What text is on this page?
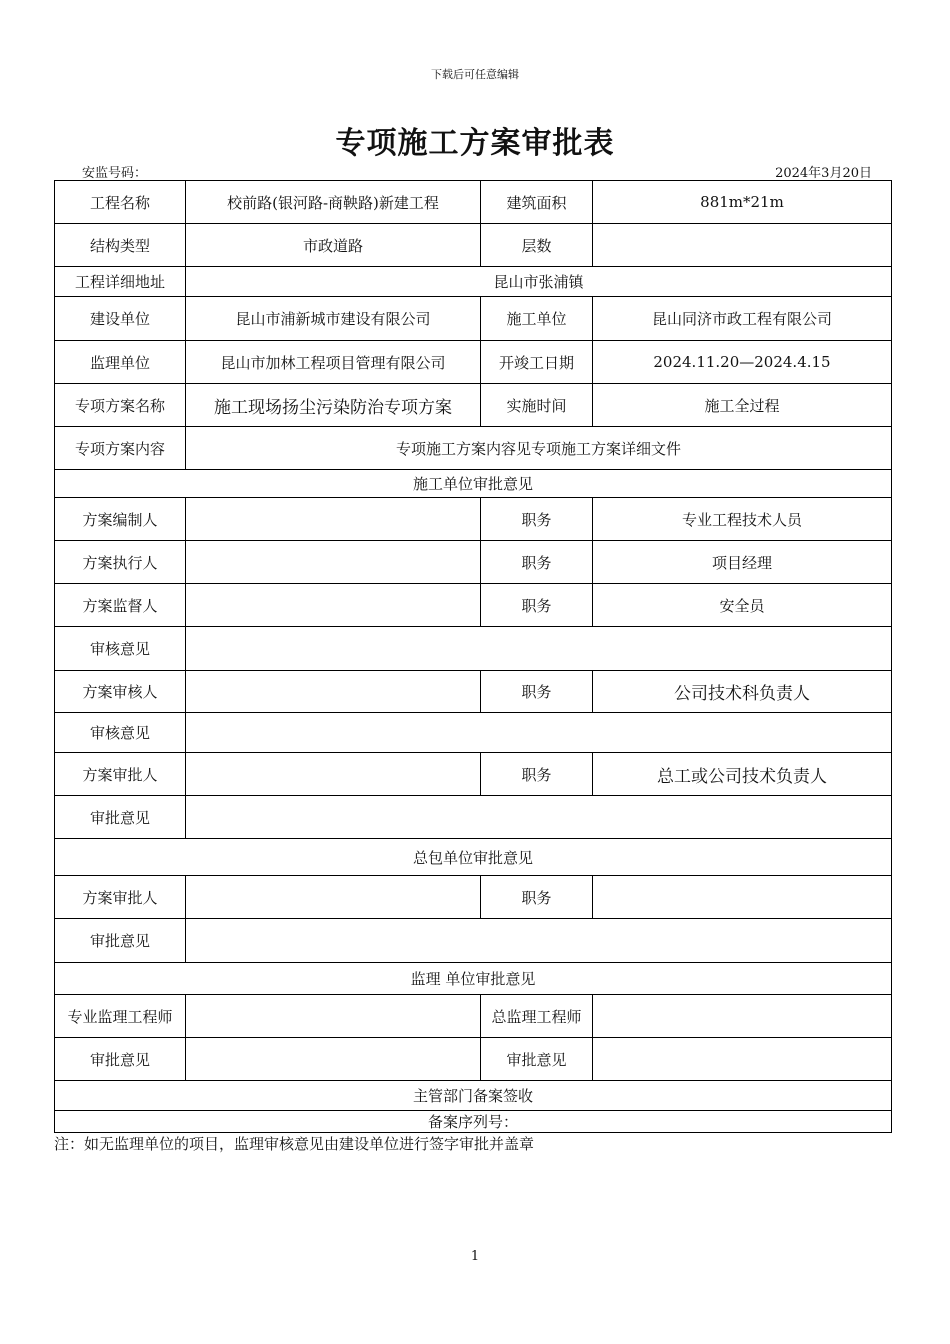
下载后可任意编辑
专项施工方案审批表
安监号码：	2024年3月20日
工程名称	校前路(银河路-商鞅路)新建工程	建筑面积	881m*21m
结构类型	市政道路	层数	
工程详细地址	昆山市张浦镇		
建设单位	昆山市浦新城市建设有限公司	施工单位	昆山同济市政工程有限公司
监理单位	昆山市加林工程项目管理有限公司	开竣工日期	2024.11.20—2024.4.15
专项方案名称	施工现场扬尘污染防治专项方案	实施时间	施工全过程
专项方案内容	专项施工方案内容见专项施工方案详细文件		
施工单位审批意见			
方案编制人		职务	专业工程技术人员
方案执行人		职务	项目经理
方案监督人		职务	安全员
审核意见			
方案审核人		职务	公司技术科负责人
审核意见			
方案审批人		职务	总工或公司技术负责人
审批意见			
总包单位审批意见			
方案审批人		职务	
审批意见			
监理 单位审批意见			
专业监理工程师		总监理工程师	
审批意见		审批意见	
主管部门备案签收			
备案序列号：			
注：如无监理单位的项目，监理审核意见由建设单位进行签字审批并盖章
1
